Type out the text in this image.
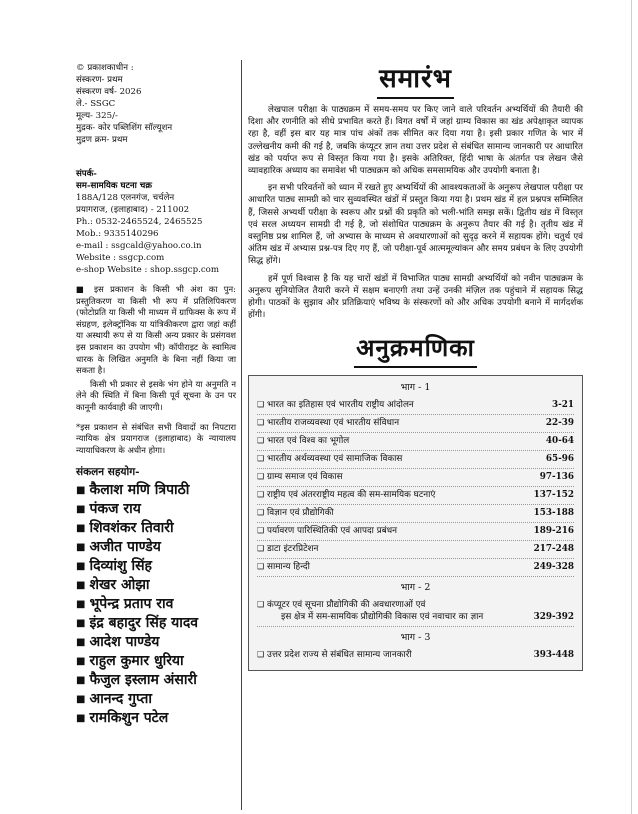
© प्रकाशकाधीन :
संस्करण- प्रथम
संस्करण वर्ष- 2026
ले.- SSGC
मूल्य- 325/-
मुद्रक- कोर पब्लिशिंग सॉल्यूशन
मुद्रण क्रम- प्रथम
संपर्क-
सम-सामयिक घटना चक्र
188A/128 एलनगंज, चर्चलेन
प्रयागराज, (इलाहाबाद) - 211002
Ph.: 0532-2465524, 2465525
Mob.: 9335140296
e-mail : ssgcald@yahoo.co.in
Website : ssgcp.com
e-shop Website : shop.ssgcp.com

■ इस प्रकाशन के किसी भी अंश का पुन: प्रस्तुतिकरण या किसी भी रूप में प्रतिलिपिकरण (फोटोप्रति या किसी भी माध्यम में ग्राफिक्स के रूप में संग्रहण, इलेक्ट्रॉनिक या यांत्रिकीकरण द्वारा जहां कहीं या अस्थायी रूप से या किसी अन्य प्रकार के प्रसंगवश इस प्रकाशन का उपयोग भी) कॉपीराइट के स्वामित्व धारक के लिखित अनुमति के बिना नहीं किया जा सकता है।

किसी भी प्रकार से इसके भंग होने या अनुमति न लेने की स्थिति में बिना किसी पूर्व सूचना के उन पर कानूनी कार्यवाही की जाएगी।

*इस प्रकाशन से संबंधित सभी विवादों का निपटारा न्यायिक क्षेत्र प्रयागराज (इलाहाबाद) के न्यायालय न्यायाधिकरण के अधीन होगा।

संकलन सहयोग-
■ कैलाश मणि त्रिपाठी
■ पंकज राय
■ शिवशंकर तिवारी
■ अजीत पाण्डेय
■ दिव्यांशु सिंह
■ शेखर ओझा
■ भूपेन्द्र प्रताप राव
■ इंद्र बहादुर सिंह यादव
■ आदेश पाण्डेय
■ राहुल कुमार धुरिया
■ फैजुल इस्लाम अंसारी
■ आनन्द गुप्ता
■ रामकिशुन पटेल
समारंभ

लेखपाल परीक्षा के पाठ्यक्रम में समय-समय पर किए जाने वाले परिवर्तन अभ्यर्थियों की तैयारी की दिशा और रणनीति को सीधे प्रभावित करते हैं। विगत वर्षों में जहां ग्राम्य विकास का खंड अपेक्षाकृत व्यापक रहा है, वहीं इस बार यह मात्र पांच अंकों तक सीमित कर दिया गया है। इसी प्रकार गणित के भार में उल्लेखनीय कमी की गई है, जबकि कंप्यूटर ज्ञान तथा उत्तर प्रदेश से संबंधित सामान्य जानकारी पर आधारित खंड को पर्याप्त रूप से विस्तृत किया गया है। इसके अतिरिक्त, हिंदी भाषा के अंतर्गत पत्र लेखन जैसे व्यावहारिक अध्याय का समावेश भी पाठ्यक्रम को अधिक समसामयिक और उपयोगी बनाता है।

इन सभी परिवर्तनों को ध्यान में रखते हुए अभ्यर्थियों की आवश्यकताओं के अनुरूप लेखपाल परीक्षा पर आधारित पाठ्य सामग्री को चार सुव्यवस्थित खंडों में प्रस्तुत किया गया है। प्रथम खंड में हल प्रश्नपत्र सम्मिलित हैं, जिससे अभ्यर्थी परीक्षा के स्वरूप और प्रश्नों की प्रकृति को भली-भांति समझ सकें। द्वितीय खंड में विस्तृत एवं सरल अध्ययन सामग्री दी गई है, जो संशोधित पाठ्यक्रम के अनुरूप तैयार की गई है। तृतीय खंड में वस्तुनिष्ठ प्रश्न शामिल हैं, जो अभ्यास के माध्यम से अवधारणाओं को सुदृढ़ करने में सहायक होंगे। चतुर्थ एवं अंतिम खंड में अभ्यास प्रश्न-पत्र दिए गए हैं, जो परीक्षा-पूर्व आत्ममूल्यांकन और समय प्रबंधन के लिए उपयोगी सिद्ध होंगे।

हमें पूर्ण विश्वास है कि यह चारों खंडों में विभाजित पाठ्य सामग्री अभ्यर्थियों को नवीन पाठ्यक्रम के अनुरूप सुनियोजित तैयारी करने में सक्षम बनाएगी तथा उन्हें उनकी मंज़िल तक पहुंचाने में सहायक सिद्ध होगी। पाठकों के सुझाव और प्रतिक्रियाएं भविष्य के संस्करणों को और अधिक उपयोगी बनाने में मार्गदर्शक होंगी।

अनुक्रमणिका
भाग - 1
❑ भारत का इतिहास एवं भारतीय राष्ट्रीय आंदोलन	3-21
❑ भारतीय राजव्यवस्था एवं भारतीय संविधान	22-39
❑ भारत एवं विश्व का भूगोल	40-64
❑ भारतीय अर्थव्यवस्था एवं सामाजिक विकास	65-96
❑ ग्राम्य समाज एवं विकास	97-136
❑ राष्ट्रीय एवं अंतरराष्ट्रीय महत्व की सम-सामयिक घटनाएं	137-152
❑ विज्ञान एवं प्रौद्योगिकी	153-188
❑ पर्यावरण पारिस्थितिकी एवं आपदा प्रबंधन	189-216
❑ डाटा इंटरप्रिटेशन	217-248
❑ सामान्य हिन्दी	249-328
भाग - 2
❑ कंप्यूटर एवं सूचना प्रौद्योगिकी की अवधारणाओं एवं
इस क्षेत्र में सम-सामयिक प्रौद्योगिकी विकास एवं नवाचार का ज्ञान	329-392
भाग - 3
❑ उत्तर प्रदेश राज्य से संबंधित सामान्य जानकारी	393-448
